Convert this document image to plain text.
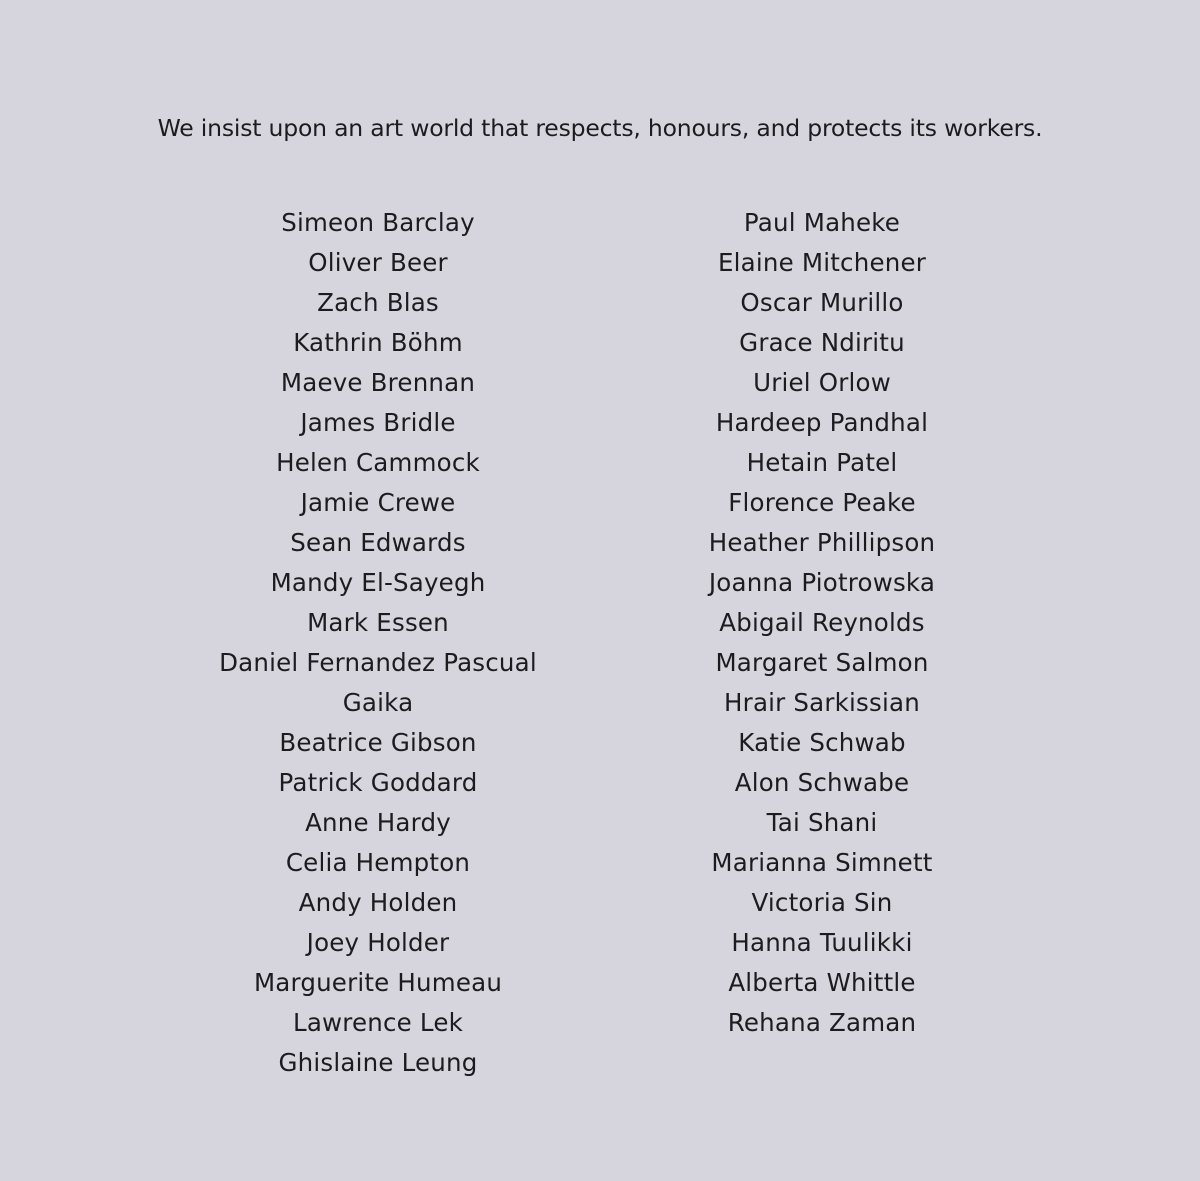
We insist upon an art world that respects, honours, and protects its workers.

Simeon Barclay
Oliver Beer
Zach Blas
Kathrin Böhm
Maeve Brennan
James Bridle
Helen Cammock
Jamie Crewe
Sean Edwards
Mandy El-Sayegh
Mark Essen
Daniel Fernandez Pascual
Gaika
Beatrice Gibson
Patrick Goddard
Anne Hardy
Celia Hempton
Andy Holden
Joey Holder
Marguerite Humeau
Lawrence Lek
Ghislaine Leung
Paul Maheke
Elaine Mitchener
Oscar Murillo
Grace Ndiritu
Uriel Orlow
Hardeep Pandhal
Hetain Patel
Florence Peake
Heather Phillipson
Joanna Piotrowska
Abigail Reynolds
Margaret Salmon
Hrair Sarkissian
Katie Schwab
Alon Schwabe
Tai Shani
Marianna Simnett
Victoria Sin
Hanna Tuulikki
Alberta Whittle
Rehana Zaman
